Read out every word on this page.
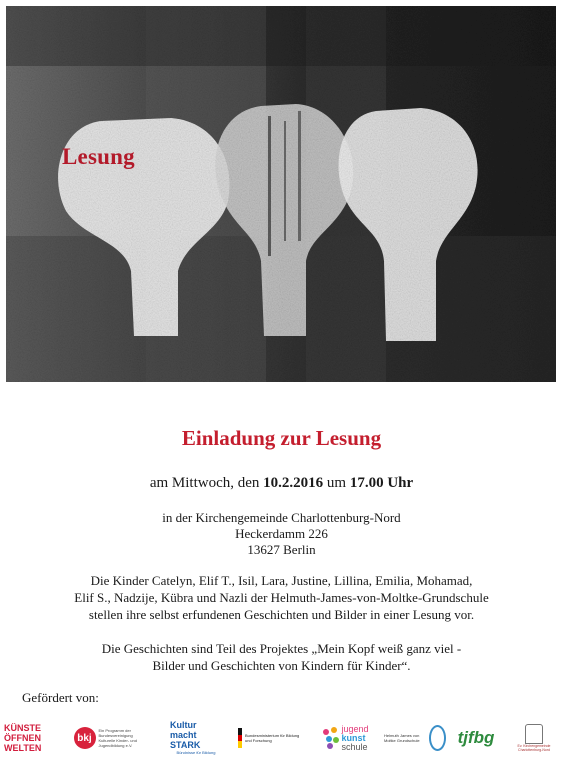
Lesung
Einladung zur Lesung
am Mittwoch, den 10.2.2016 um 17.00 Uhr
in der Kirchengemeinde Charlottenburg-Nord
Heckerdamm 226
13627 Berlin
Die Kinder Catelyn, Elif T., Isil, Lara, Justine, Lillina, Emilia, Mohamad,
Elif S., Nadzije, Kübra und Nazli der Helmuth-James-von-Moltke-Grundschule
stellen ihre selbst erfundenen Geschichten und Bilder in einer Lesung vor.
Die Geschichten sind Teil des Projektes „Mein Kopf weiß ganz viel -
Bilder und Geschichten von Kindern für Kinder“.
Gefördert von:
KÜNSTE
ÖFFNEN
WELTEN
bkj
Ein Programm der Bundesvereinigung Kulturelle Kinder- und Jugendbildung e.V.
Kultur macht STARK
Bündnisse für Bildung
Bundesministerium für Bildung und Forschung
jugend
kunst
schule
Helmuth James von Moltke Grundschule	tjfbg	Ev. Kirchengemeinde Charlottenburg-Nord
